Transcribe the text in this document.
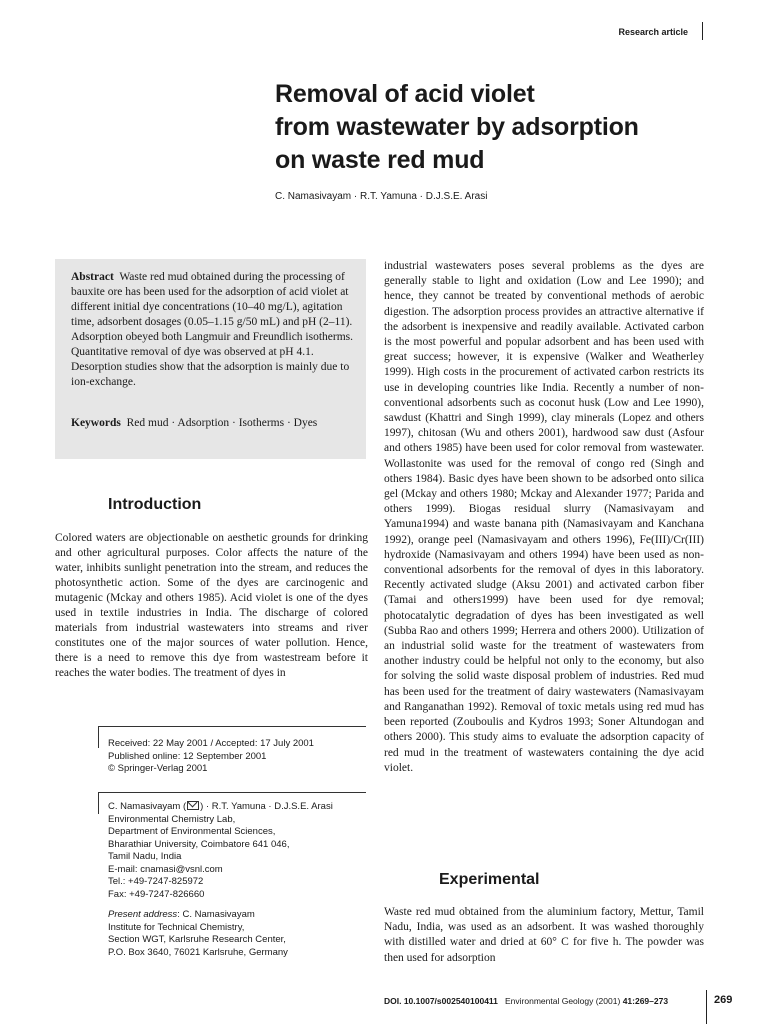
Research article
Removal of acid violet
from wastewater by adsorption
on waste red mud
C. Namasivayam · R.T. Yamuna · D.J.S.E. Arasi
Abstract Waste red mud obtained during the processing of bauxite ore has been used for the adsorption of acid violet at different initial dye concentrations (10–40 mg/L), agitation time, adsorbent dosages (0.05–1.15 g/50 mL) and pH (2–11). Adsorption obeyed both Langmuir and Freundlich isotherms. Quantitative removal of dye was observed at pH 4.1. Desorption studies show that the adsorption is mainly due to ion-exchange.
Keywords Red mud · Adsorption · Isotherms · Dyes
Introduction
Colored waters are objectionable on aesthetic grounds for drinking and other agricultural purposes. Color affects the nature of the water, inhibits sunlight penetration into the stream, and reduces the photosynthetic action. Some of the dyes are carcinogenic and mutagenic (Mckay and others 1985). Acid violet is one of the dyes used in textile industries in India. The discharge of colored materials from industrial wastewaters into streams and river constitutes one of the major sources of water pollution. Hence, there is a need to remove this dye from wastestream before it reaches the water bodies. The treatment of dyes in
Received: 22 May 2001 / Accepted: 17 July 2001
Published online: 12 September 2001
© Springer-Verlag 2001
C. Namasivayam ( ) · R.T. Yamuna · D.J.S.E. Arasi
Environmental Chemistry Lab,
Department of Environmental Sciences,
Bharathiar University, Coimbatore 641 046,
Tamil Nadu, India
E-mail: cnamasi@vsnl.com
Tel.: +49-7247-825972
Fax: +49-7247-826660
Present address: C. Namasivayam
Institute for Technical Chemistry,
Section WGT, Karlsruhe Research Center,
P.O. Box 3640, 76021 Karlsruhe, Germany
industrial wastewaters poses several problems as the dyes are generally stable to light and oxidation (Low and Lee 1990); and hence, they cannot be treated by conventional methods of aerobic digestion. The adsorption process provides an attractive alternative if the adsorbent is inexpensive and readily available. Activated carbon is the most powerful and popular adsorbent and has been used with great success; however, it is expensive (Walker and Weatherley 1999). High costs in the procurement of activated carbon restricts its use in developing countries like India. Recently a number of non-conventional adsorbents such as coconut husk (Low and Lee 1990), sawdust (Khattri and Singh 1999), clay minerals (Lopez and others 1997), chitosan (Wu and others 2001), hardwood saw dust (Asfour and others 1985) have been used for color removal from wastewater. Wollastonite was used for the removal of congo red (Singh and others 1984). Basic dyes have been shown to be adsorbed onto silica gel (Mckay and others 1980; Mckay and Alexander 1977; Parida and others 1999). Biogas residual slurry (Namasivayam and Yamuna1994) and waste banana pith (Namasivayam and Kanchana 1992), orange peel (Namasivayam and others 1996), Fe(III)/Cr(III) hydroxide (Namasivayam and others 1994) have been used as non-conventional adsorbents for the removal of dyes in this laboratory. Recently activated sludge (Aksu 2001) and activated carbon fiber (Tamai and others1999) have been used for dye removal; photocatalytic degradation of dyes has been investigated as well (Subba Rao and others 1999; Herrera and others 2000). Utilization of an industrial solid waste for the treatment of wastewaters from another industry could be helpful not only to the economy, but also for solving the solid waste disposal problem of industries. Red mud has been used for the treatment of dairy wastewaters (Namasivayam and Ranganathan 1992). Removal of toxic metals using red mud has been reported (Zouboulis and Kydros 1993; Soner Altundogan and others 2000). This study aims to evaluate the adsorption capacity of red mud in the treatment of wastewaters containing the dye acid violet.
Experimental
Waste red mud obtained from the aluminium factory, Mettur, Tamil Nadu, India, was used as an adsorbent. It was washed thoroughly with distilled water and dried at 60° C for five h. The powder was then used for adsorption
DOI. 10.1007/s002540100411 Environmental Geology (2001) 41:269–273	269
